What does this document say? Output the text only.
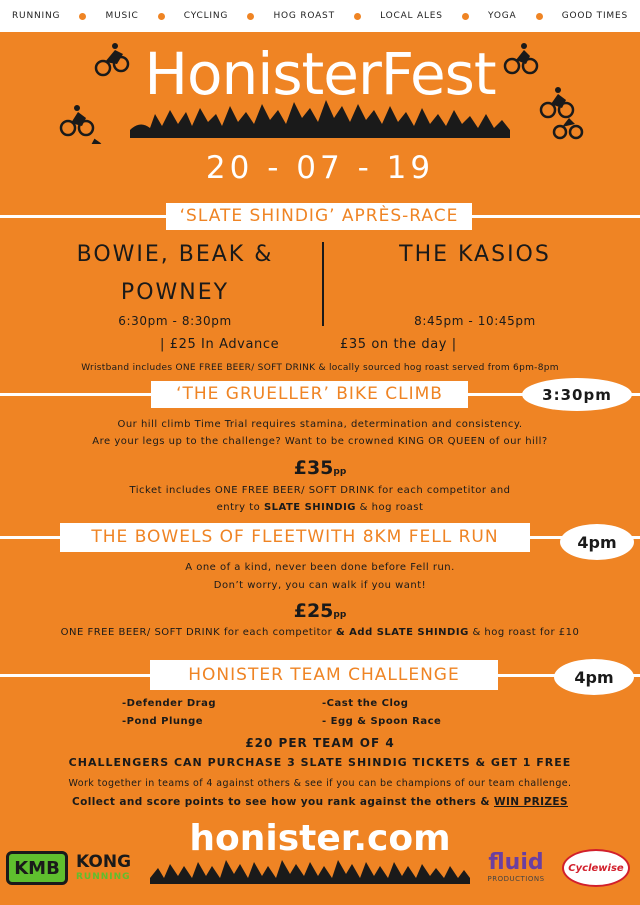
RUNNING	MUSIC	CYCLING	HOG ROAST	LOCAL ALES	YOGA	GOOD TIMES
HonisterFest
20 - 07 - 19
‘SLATE SHINDIG’ APRÈS-RACE
BOWIE, BEAK &
POWNEY
THE KASIOS
6:30pm - 8:30pm	8:45pm - 10:45pm
| £25 In Advance	£35 on the day |
Wristband includes ONE FREE BEER/ SOFT DRINK & locally sourced hog roast served from 6pm-8pm
‘THE GRUELLER’ BIKE CLIMB	3:30pm
Our hill climb Time Trial requires stamina, determination and consistency.
Are your legs up to the challenge? Want to be crowned KING OR QUEEN of our hill?
£35pp
Ticket includes ONE FREE BEER/ SOFT DRINK for each competitor and
entry to SLATE SHINDIG & hog roast
THE BOWELS OF FLEETWITH 8KM FELL RUN	4pm
A one of a kind, never been done before Fell run.
Don’t worry, you can walk if you want!
£25pp
ONE FREE BEER/ SOFT DRINK for each competitor & Add SLATE SHINDIG & hog roast for £10
HONISTER TEAM CHALLENGE	4pm
-Defender Drag	-Cast the Clog
-Pond Plunge	- Egg & Spoon Race
£20 PER TEAM OF 4
CHALLENGERS CAN PURCHASE 3 SLATE SHINDIG TICKETS & GET 1 FREE
Work together in teams of 4 against others & see if you can be champions of our team challenge.
Collect and score points to see how you rank against the others & WIN PRIZES
honister.com
KMB KONG
RUNNING
fluid
PRODUCTIONS
Cyclewise
